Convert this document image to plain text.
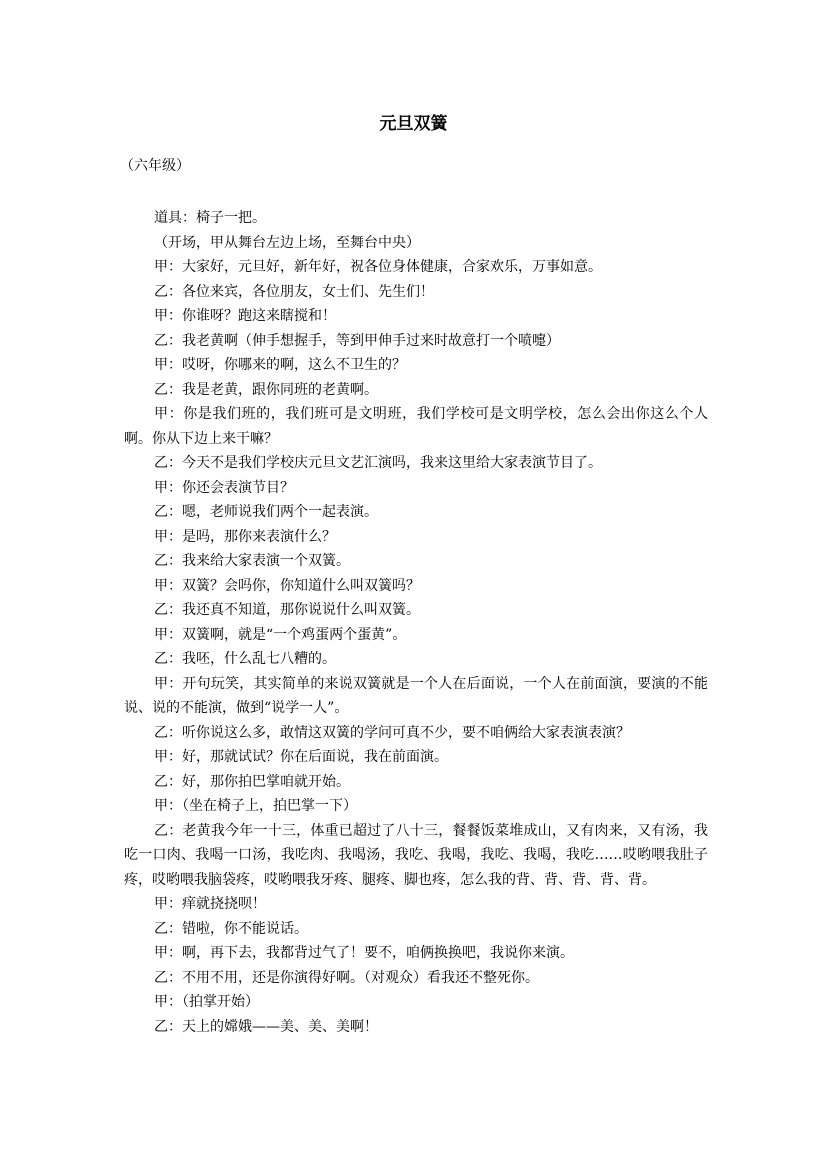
元旦双簧
（六年级）

道具：椅子一把。

（开场，甲从舞台左边上场，至舞台中央）

甲：大家好，元旦好，新年好，祝各位身体健康，合家欢乐，万事如意。

乙：各位来宾，各位朋友，女士们、先生们！

甲：你谁呀？跑这来瞎搅和！

乙：我老黄啊（伸手想握手，等到甲伸手过来时故意打一个喷嚏）

甲：哎呀，你哪来的啊，这么不卫生的？

乙：我是老黄，跟你同班的老黄啊。

甲：你是我们班的，我们班可是文明班，我们学校可是文明学校，怎么会出你这么个人啊。你从下边上来干嘛？

乙：今天不是我们学校庆元旦文艺汇演吗，我来这里给大家表演节目了。

甲：你还会表演节目？

乙：嗯，老师说我们两个一起表演。

甲：是吗，那你来表演什么？

乙：我来给大家表演一个双簧。

甲：双簧？会吗你，你知道什么叫双簧吗？

乙：我还真不知道，那你说说什么叫双簧。

甲：双簧啊，就是“一个鸡蛋两个蛋黄”。

乙：我呸，什么乱七八糟的。

甲：开句玩笑，其实简单的来说双簧就是一个人在后面说，一个人在前面演，要演的不能说、说的不能演，做到“说学一人”。

乙：听你说这么多，敢情这双簧的学问可真不少，要不咱俩给大家表演表演？

甲：好，那就试试？你在后面说，我在前面演。

乙：好，那你拍巴掌咱就开始。

甲：（坐在椅子上，拍巴掌一下）

乙：老黄我今年一十三，体重已超过了八十三，餐餐饭菜堆成山，又有肉来，又有汤，我吃一口肉、我喝一口汤，我吃肉、我喝汤，我吃、我喝，我吃、我喝，我吃……哎哟喂我肚子疼，哎哟喂我脑袋疼，哎哟喂我牙疼、腿疼、脚也疼，怎么我的背、背、背、背、背。

甲：痒就挠挠呗！

乙：错啦，你不能说话。

甲：啊，再下去，我都背过气了！要不，咱俩换换吧，我说你来演。

乙：不用不用，还是你演得好啊。（对观众）看我还不整死你。

甲：（拍掌开始）

乙：天上的嫦娥——美、美、美啊！
